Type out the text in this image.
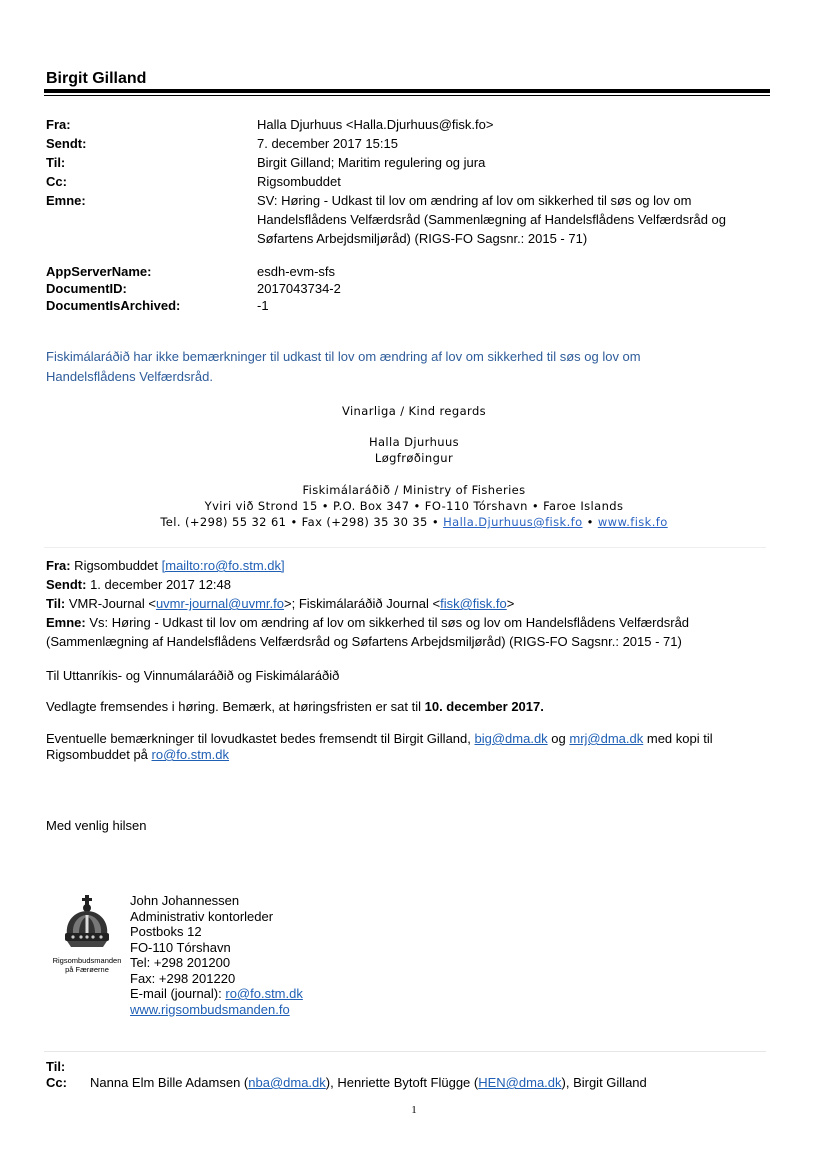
Birgit Gilland
Fra:	Halla Djurhuus <Halla.Djurhuus@fisk.fo>
Sendt:	7. december 2017 15:15
Til:	Birgit Gilland; Maritim regulering og jura
Cc:	Rigsombuddet
Emne:	SV: Høring - Udkast til lov om ændring af lov om sikkerhed til søs og lov om
Handelsflådens Velfærdsråd (Sammenlægning af Handelsflådens Velfærdsråd og
Søfartens Arbejdsmiljøråd) (RIGS-FO Sagsnr.: 2015 - 71)
AppServerName:	esdh-evm-sfs
DocumentID:	2017043734-2
DocumentIsArchived:	-1
Fiskimálaráðið har ikke bemærkninger til udkast til lov om ændring af lov om sikkerhed til søs og lov om
Handelsflådens Velfærdsråd.
Vinarliga / Kind regards
Halla Djurhuus
Løgfrøðingur
Fiskimálaráðið / Ministry of Fisheries
Yviri við Strond 15 • P.O. Box 347 • FO-110 Tórshavn • Faroe Islands
Tel. (+298) 55 32 61 • Fax (+298) 35 30 35 • Halla.Djurhuus@fisk.fo • www.fisk.fo
Fra: Rigsombuddet [mailto:ro@fo.stm.dk]
Sendt: 1. december 2017 12:48
Til: VMR-Journal <uvmr-journal@uvmr.fo>; Fiskimálaráðið Journal <fisk@fisk.fo>
Emne: Vs: Høring - Udkast til lov om ændring af lov om sikkerhed til søs og lov om Handelsflådens Velfærdsråd
(Sammenlægning af Handelsflådens Velfærdsråd og Søfartens Arbejdsmiljøråd) (RIGS-FO Sagsnr.: 2015 - 71)
Til Uttanríkis- og Vinnumálaráðið og Fiskimálaráðið
Vedlagte fremsendes i høring. Bemærk, at høringsfristen er sat til 10. december 2017.
Eventuelle bemærkninger til lovudkastet bedes fremsendt til Birgit Gilland, big@dma.dk og mrj@dma.dk med kopi til
Rigsombuddet på ro@fo.stm.dk
Med venlig hilsen
Rigsombudsmanden
på Færøerne
John Johannessen
Administrativ kontorleder
Postboks 12
FO-110 Tórshavn
Tel: +298 201200
Fax: +298 201220
E-mail (journal): ro@fo.stm.dk
www.rigsombudsmanden.fo
Til:
Cc: Nanna Elm Bille Adamsen (nba@dma.dk), Henriette Bytoft Flügge (HEN@dma.dk), Birgit Gilland
1
